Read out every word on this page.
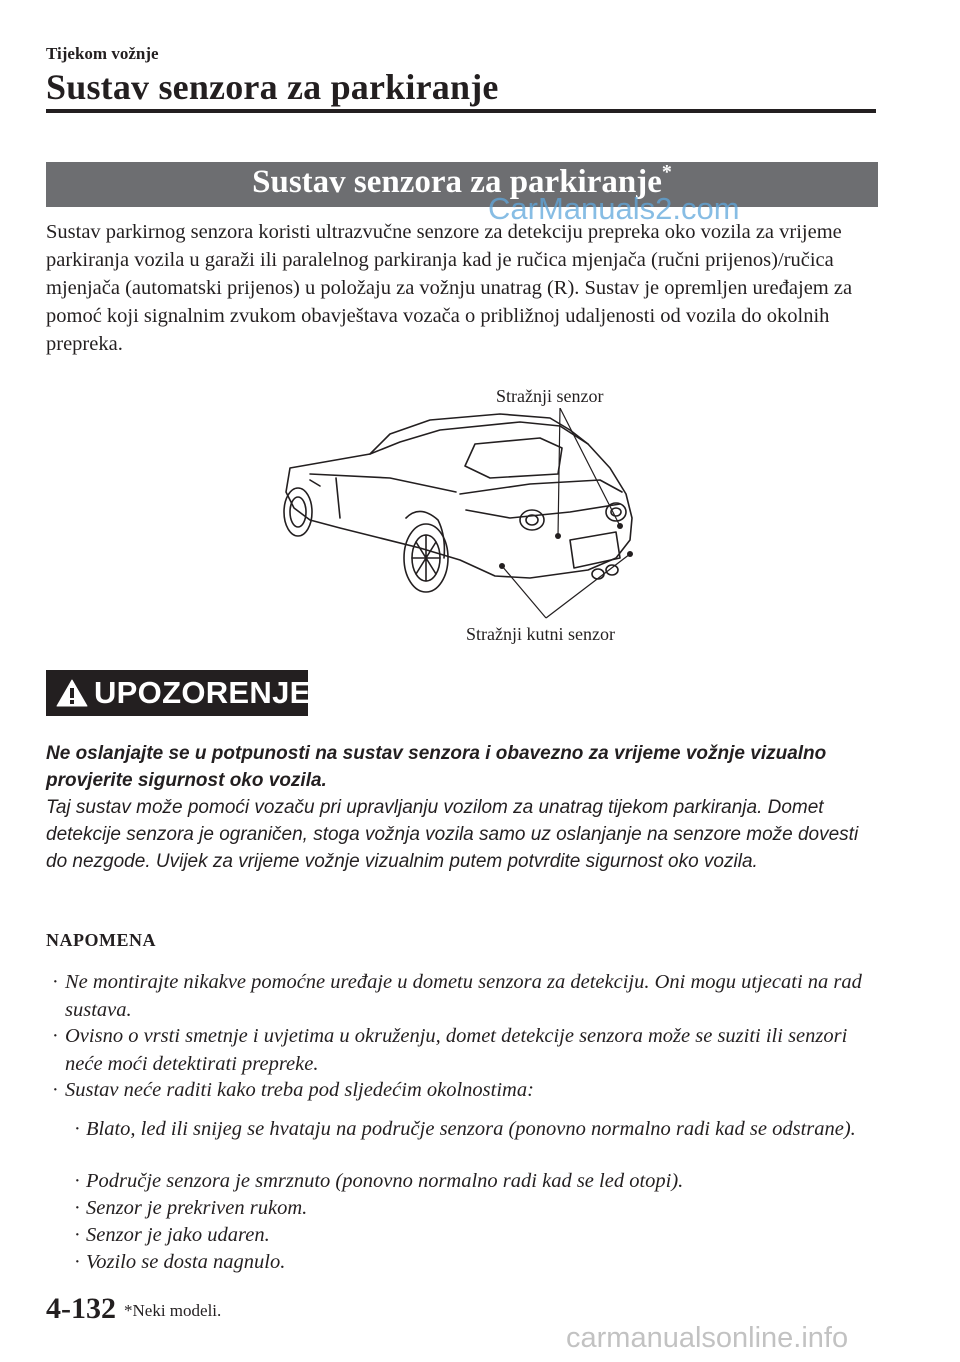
Tijekom vožnje
Sustav senzora za parkiranje
Sustav senzora za parkiranje*
CarManuals2.com
Sustav parkirnog senzora koristi ultrazvučne senzore za detekciju prepreka oko vozila za vrijeme parkiranja vozila u garaži ili paralelnog parkiranja kad je ručica mjenjača (ručni prijenos)/ručica mjenjača (automatski prijenos) u položaju za vožnju unatrag (R). Sustav je opremljen uređajem za pomoć koji signalnim zvukom obavještava vozača o približnoj udaljenosti od vozila do okolnih prepreka.
Stražnji senzor
Stražnji kutni senzor
UPOZORENJE
Ne oslanjajte se u potpunosti na sustav senzora i obavezno za vrijeme vožnje vizualno provjerite sigurnost oko vozila.
Taj sustav može pomoći vozaču pri upravljanju vozilom za unatrag tijekom parkiranja. Domet detekcije senzora je ograničen, stoga vožnja vozila samo uz oslanjanje na senzore može dovesti do nezgode. Uvijek za vrijeme vožnje vizualnim putem potvrdite sigurnost oko vozila.
NAPOMENA
· Ne montirajte nikakve pomoćne uređaje u dometu senzora za detekciju. Oni mogu utjecati na rad sustava.
· Ovisno o vrsti smetnje i uvjetima u okruženju, domet detekcije senzora može se suziti ili senzori neće moći detektirati prepreke.
· Sustav neće raditi kako treba pod sljedećim okolnostima:
· Blato, led ili snijeg se hvataju na područje senzora (ponovno normalno radi kad se odstrane).
· Područje senzora je smrznuto (ponovno normalno radi kad se led otopi).
· Senzor je prekriven rukom.
· Senzor je jako udaren.
· Vozilo se dosta nagnulo.
4-132 *Neki modeli.
carmanualsonline.info
